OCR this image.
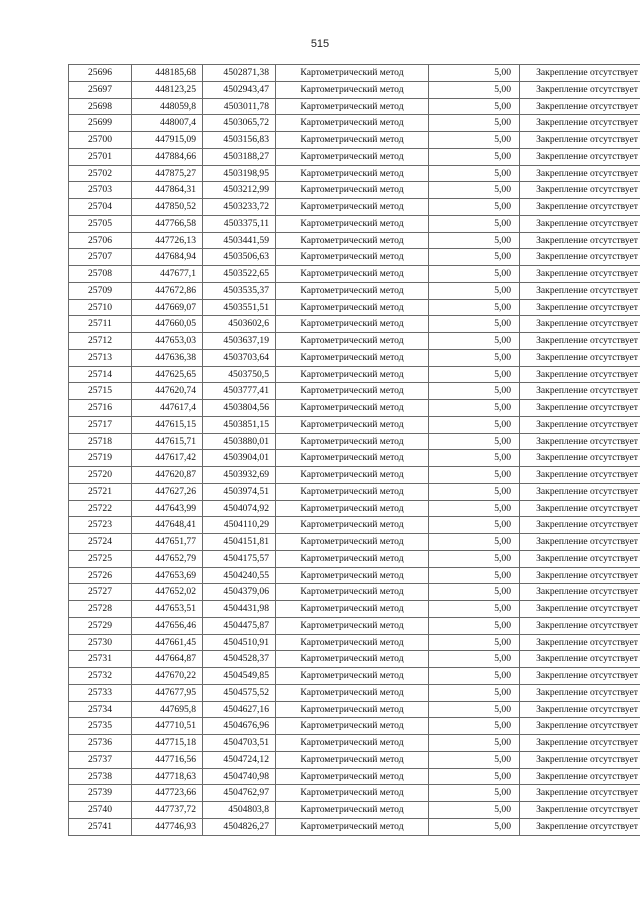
515
25696	448185,68	4502871,38	Картометрический метод	5,00	Закрепление отсутствует
25697	448123,25	4502943,47	Картометрический метод	5,00	Закрепление отсутствует
25698	448059,8	4503011,78	Картометрический метод	5,00	Закрепление отсутствует
25699	448007,4	4503065,72	Картометрический метод	5,00	Закрепление отсутствует
25700	447915,09	4503156,83	Картометрический метод	5,00	Закрепление отсутствует
25701	447884,66	4503188,27	Картометрический метод	5,00	Закрепление отсутствует
25702	447875,27	4503198,95	Картометрический метод	5,00	Закрепление отсутствует
25703	447864,31	4503212,99	Картометрический метод	5,00	Закрепление отсутствует
25704	447850,52	4503233,72	Картометрический метод	5,00	Закрепление отсутствует
25705	447766,58	4503375,11	Картометрический метод	5,00	Закрепление отсутствует
25706	447726,13	4503441,59	Картометрический метод	5,00	Закрепление отсутствует
25707	447684,94	4503506,63	Картометрический метод	5,00	Закрепление отсутствует
25708	447677,1	4503522,65	Картометрический метод	5,00	Закрепление отсутствует
25709	447672,86	4503535,37	Картометрический метод	5,00	Закрепление отсутствует
25710	447669,07	4503551,51	Картометрический метод	5,00	Закрепление отсутствует
25711	447660,05	4503602,6	Картометрический метод	5,00	Закрепление отсутствует
25712	447653,03	4503637,19	Картометрический метод	5,00	Закрепление отсутствует
25713	447636,38	4503703,64	Картометрический метод	5,00	Закрепление отсутствует
25714	447625,65	4503750,5	Картометрический метод	5,00	Закрепление отсутствует
25715	447620,74	4503777,41	Картометрический метод	5,00	Закрепление отсутствует
25716	447617,4	4503804,56	Картометрический метод	5,00	Закрепление отсутствует
25717	447615,15	4503851,15	Картометрический метод	5,00	Закрепление отсутствует
25718	447615,71	4503880,01	Картометрический метод	5,00	Закрепление отсутствует
25719	447617,42	4503904,01	Картометрический метод	5,00	Закрепление отсутствует
25720	447620,87	4503932,69	Картометрический метод	5,00	Закрепление отсутствует
25721	447627,26	4503974,51	Картометрический метод	5,00	Закрепление отсутствует
25722	447643,99	4504074,92	Картометрический метод	5,00	Закрепление отсутствует
25723	447648,41	4504110,29	Картометрический метод	5,00	Закрепление отсутствует
25724	447651,77	4504151,81	Картометрический метод	5,00	Закрепление отсутствует
25725	447652,79	4504175,57	Картометрический метод	5,00	Закрепление отсутствует
25726	447653,69	4504240,55	Картометрический метод	5,00	Закрепление отсутствует
25727	447652,02	4504379,06	Картометрический метод	5,00	Закрепление отсутствует
25728	447653,51	4504431,98	Картометрический метод	5,00	Закрепление отсутствует
25729	447656,46	4504475,87	Картометрический метод	5,00	Закрепление отсутствует
25730	447661,45	4504510,91	Картометрический метод	5,00	Закрепление отсутствует
25731	447664,87	4504528,37	Картометрический метод	5,00	Закрепление отсутствует
25732	447670,22	4504549,85	Картометрический метод	5,00	Закрепление отсутствует
25733	447677,95	4504575,52	Картометрический метод	5,00	Закрепление отсутствует
25734	447695,8	4504627,16	Картометрический метод	5,00	Закрепление отсутствует
25735	447710,51	4504676,96	Картометрический метод	5,00	Закрепление отсутствует
25736	447715,18	4504703,51	Картометрический метод	5,00	Закрепление отсутствует
25737	447716,56	4504724,12	Картометрический метод	5,00	Закрепление отсутствует
25738	447718,63	4504740,98	Картометрический метод	5,00	Закрепление отсутствует
25739	447723,66	4504762,97	Картометрический метод	5,00	Закрепление отсутствует
25740	447737,72	4504803,8	Картометрический метод	5,00	Закрепление отсутствует
25741	447746,93	4504826,27	Картометрический метод	5,00	Закрепление отсутствует
